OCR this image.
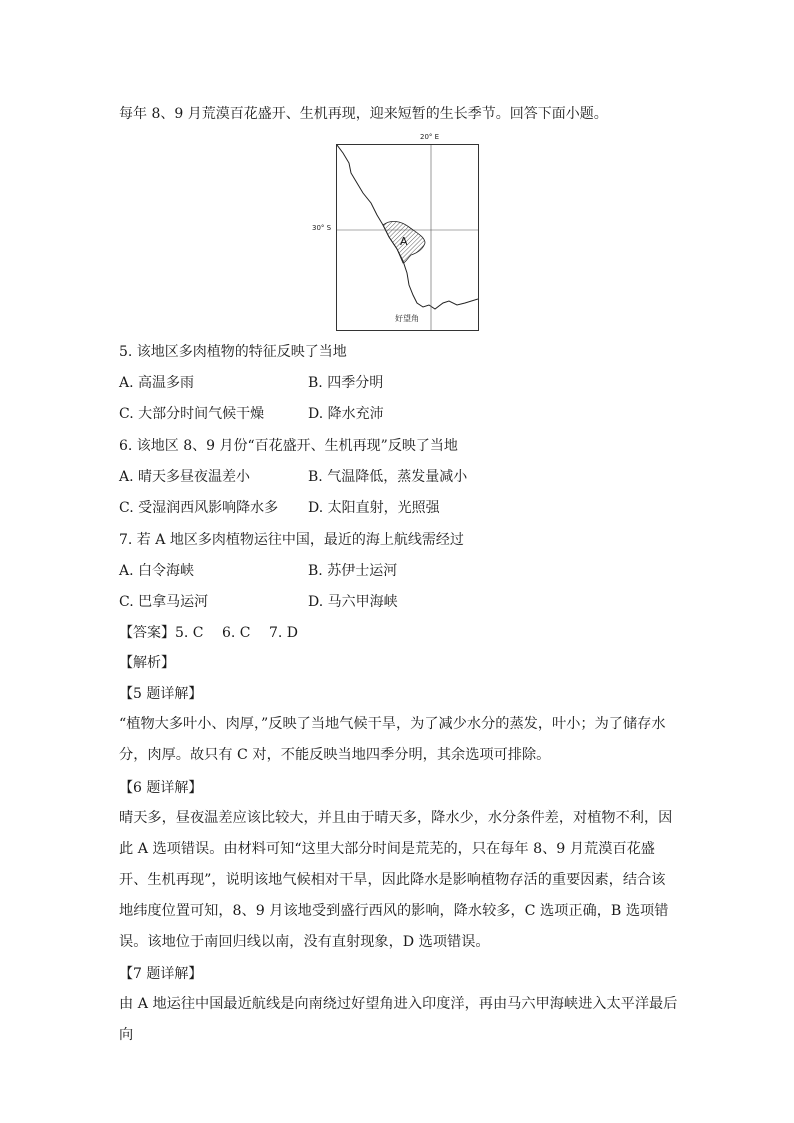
每年 8、9 月荒漠百花盛开、生机再现，迎来短暂的生长季节。回答下面小题。
20° E
30° S
A
好望角
5. 该地区多肉植物的特征反映了当地
A. 高温多雨	B. 四季分明
C. 大部分时间气候干燥	D. 降水充沛
6. 该地区 8、9 月份“百花盛开、生机再现”反映了当地
A. 晴天多昼夜温差小	B. 气温降低，蒸发量减小
C. 受湿润西风影响降水多 D. 太阳直射，光照强
7. 若 A 地区多肉植物运往中国，最近的海上航线需经过
A. 白令海峡	B. 苏伊士运河
C. 巴拿马运河	D. 马六甲海峡
【答案】5. C　 6. C　 7. D
【解析】
【5 题详解】
“植物大多叶小、肉厚，”反映了当地气候干旱，为了减少水分的蒸发，叶小；为了储存水分，肉厚。故只有 C 对，不能反映当地四季分明，其余选项可排除。
【6 题详解】
晴天多，昼夜温差应该比较大，并且由于晴天多，降水少，水分条件差，对植物不利，因此 A 选项错误。由材料可知“这里大部分时间是荒芜的，只在每年 8、9 月荒漠百花盛开、生机再现”，说明该地气候相对干旱，因此降水是影响植物存活的重要因素，结合该地纬度位置可知，8、9 月该地受到盛行西风的影响，降水较多，C 选项正确，B 选项错误。该地位于南回归线以南，没有直射现象，D 选项错误。
【7 题详解】
由 A 地运往中国最近航线是向南绕过好望角进入印度洋，再由马六甲海峡进入太平洋最后向
